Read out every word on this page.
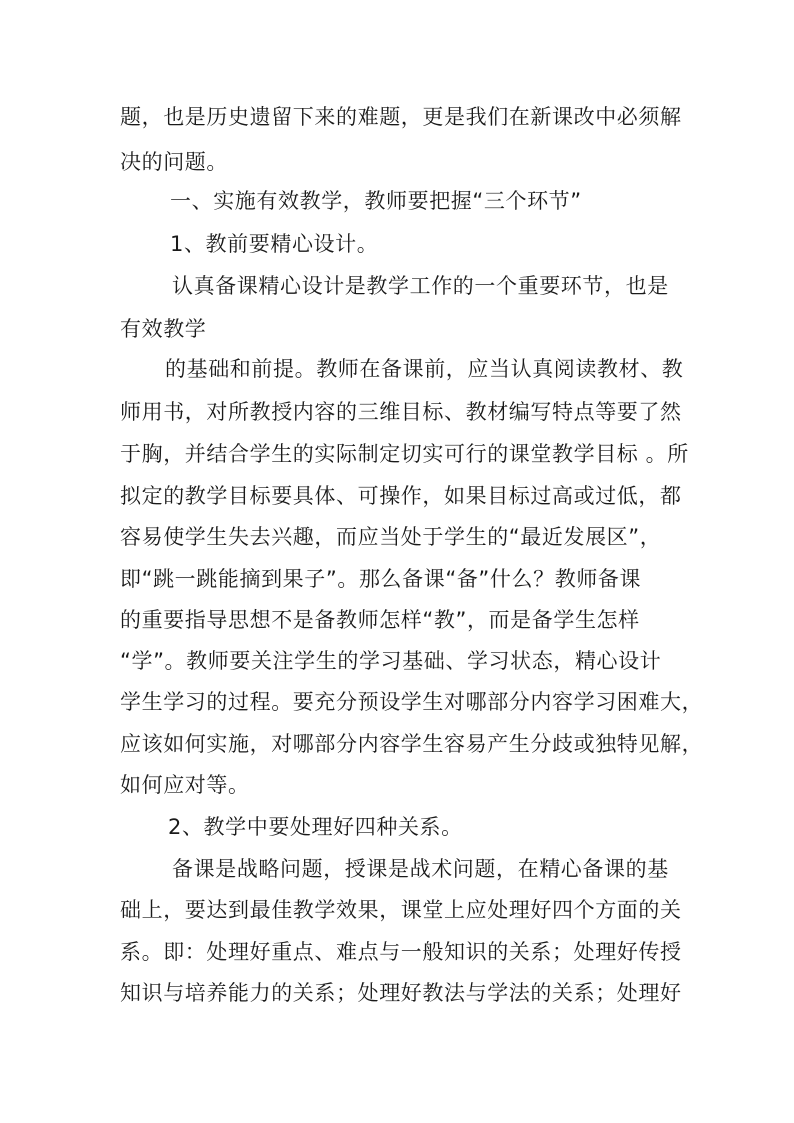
题，也是历史遗留下来的难题，更是我们在新课改中必须解
决的问题。
一、实施有效教学，教师要把握“三个环节”
1、教前要精心设计。
认真备课精心设计是教学工作的一个重要环节，也是
有效教学
的基础和前提。教师在备课前，应当认真阅读教材、教
师用书，对所教授内容的三维目标、教材编写特点等要了然
于胸，并结合学生的实际制定切实可行的课堂教学目标 。所
拟定的教学目标要具体、可操作，如果目标过高或过低，都
容易使学生失去兴趣，而应当处于学生的“最近发展区”，
即“跳一跳能摘到果子”。那么备课“备”什么？教师备课
的重要指导思想不是备教师怎样“教”，而是备学生怎样
“学”。教师要关注学生的学习基础、学习状态，精心设计
学生学习的过程。要充分预设学生对哪部分内容学习困难大，
应该如何实施，对哪部分内容学生容易产生分歧或独特见解，
如何应对等。
2、教学中要处理好四种关系。
备课是战略问题，授课是战术问题，在精心备课的基
础上，要达到最佳教学效果，课堂上应处理好四个方面的关
系。即：处理好重点、难点与一般知识的关系；处理好传授
知识与培养能力的关系；处理好教法与学法的关系；处理好
